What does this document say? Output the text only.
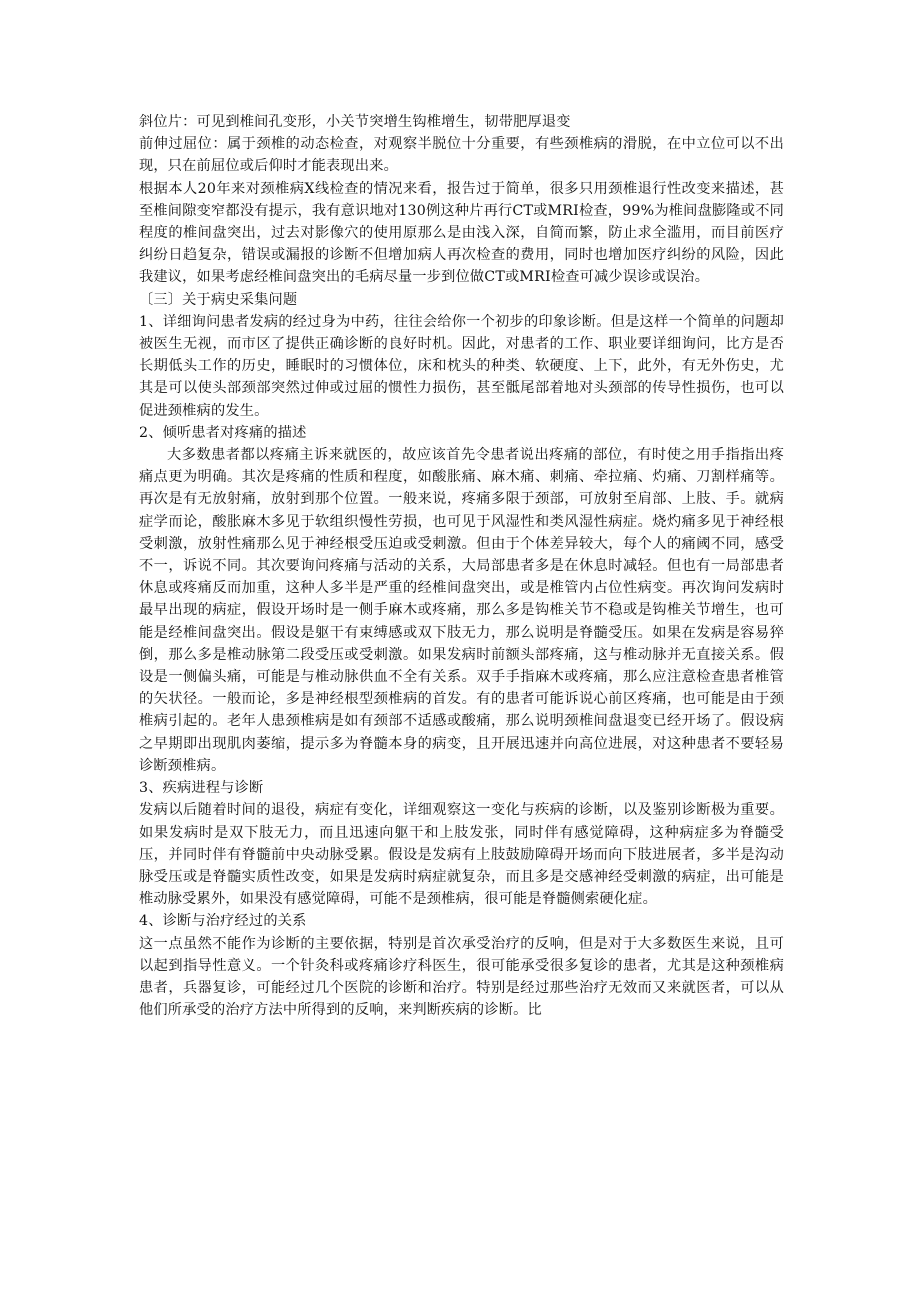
斜位片：可见到椎间孔变形，小关节突增生钩椎增生，韧带肥厚退变

前伸过屈位：属于颈椎的动态检查，对观察半脱位十分重要，有些颈椎病的滑脱，在中立位可以不出现，只在前屈位或后仰时才能表现出来。

根据本人20年来对颈椎病X线检查的情况来看，报告过于简单，很多只用颈椎退行性改变来描述，甚至椎间隙变窄都没有提示，我有意识地对130例这种片再行CT或MRI检查，99%为椎间盘膨隆或不同程度的椎间盘突出，过去对影像穴的使用原那么是由浅入深，自简而繁，防止求全滥用，而目前医疗纠纷日趋复杂，错误或漏报的诊断不但增加病人再次检查的费用，同时也增加医疗纠纷的风险，因此我建议，如果考虑经椎间盘突出的毛病尽量一步到位做CT或MRI检查可减少误诊或误治。

〔三〕关于病史采集问题

1、详细询问患者发病的经过身为中药，往往会给你一个初步的印象诊断。但是这样一个简单的问题却被医生无视，而市区了提供正确诊断的良好时机。因此，对患者的工作、职业要详细询问，比方是否长期低头工作的历史，睡眠时的习惯体位，床和枕头的种类、软硬度、上下，此外，有无外伤史，尤其是可以使头部颈部突然过伸或过屈的惯性力损伤，甚至骶尾部着地对头颈部的传导性损伤，也可以促进颈椎病的发生。

2、倾听患者对疼痛的描述

大多数患者都以疼痛主诉来就医的，故应该首先令患者说出疼痛的部位，有时使之用手指指出疼痛点更为明确。其次是疼痛的性质和程度，如酸胀痛、麻木痛、刺痛、牵拉痛、灼痛、刀割样痛等。再次是有无放射痛，放射到那个位置。一般来说，疼痛多限于颈部，可放射至肩部、上肢、手。就病症学而论，酸胀麻木多见于软组织慢性劳损，也可见于风湿性和类风湿性病症。烧灼痛多见于神经根受刺激，放射性痛那么见于神经根受压迫或受刺激。但由于个体差异较大，每个人的痛阈不同，感受不一，诉说不同。其次要询问疼痛与活动的关系，大局部患者多是在休息时减轻。但也有一局部患者休息或疼痛反而加重，这种人多半是严重的经椎间盘突出，或是椎管内占位性病变。再次询问发病时最早出现的病症，假设开场时是一侧手麻木或疼痛，那么多是钩椎关节不稳或是钩椎关节增生，也可能是经椎间盘突出。假设是躯干有束缚感或双下肢无力，那么说明是脊髓受压。如果在发病是容易猝倒，那么多是椎动脉第二段受压或受刺激。如果发病时前额头部疼痛，这与椎动脉并无直接关系。假设是一侧偏头痛，可能是与椎动脉供血不全有关系。双手手指麻木或疼痛，那么应注意检查患者椎管的矢状径。一般而论，多是神经根型颈椎病的首发。有的患者可能诉说心前区疼痛，也可能是由于颈椎病引起的。老年人患颈椎病是如有颈部不适感或酸痛，那么说明颈椎间盘退变已经开场了。假设病之早期即出现肌肉萎缩，提示多为脊髓本身的病变，且开展迅速并向高位进展，对这种患者不要轻易诊断颈椎病。

3、疾病进程与诊断

发病以后随着时间的退役，病症有变化，详细观察这一变化与疾病的诊断，以及鉴别诊断极为重要。如果发病时是双下肢无力，而且迅速向躯干和上肢发张，同时伴有感觉障碍，这种病症多为脊髓受压，并同时伴有脊髓前中央动脉受累。假设是发病有上肢鼓励障碍开场而向下肢进展者，多半是沟动脉受压或是脊髓实质性改变，如果是发病时病症就复杂，而且多是交感神经受刺激的病症，出可能是椎动脉受累外，如果没有感觉障碍，可能不是颈椎病，很可能是脊髓侧索硬化症。

4、诊断与治疗经过的关系

这一点虽然不能作为诊断的主要依据，特别是首次承受治疗的反响，但是对于大多数医生来说，且可以起到指导性意义。一个针灸科或疼痛诊疗科医生，很可能承受很多复诊的患者，尤其是这种颈椎病患者，兵器复诊，可能经过几个医院的诊断和治疗。特别是经过那些治疗无效而又来就医者，可以从他们所承受的治疗方法中所得到的反响，来判断疾病的诊断。比
